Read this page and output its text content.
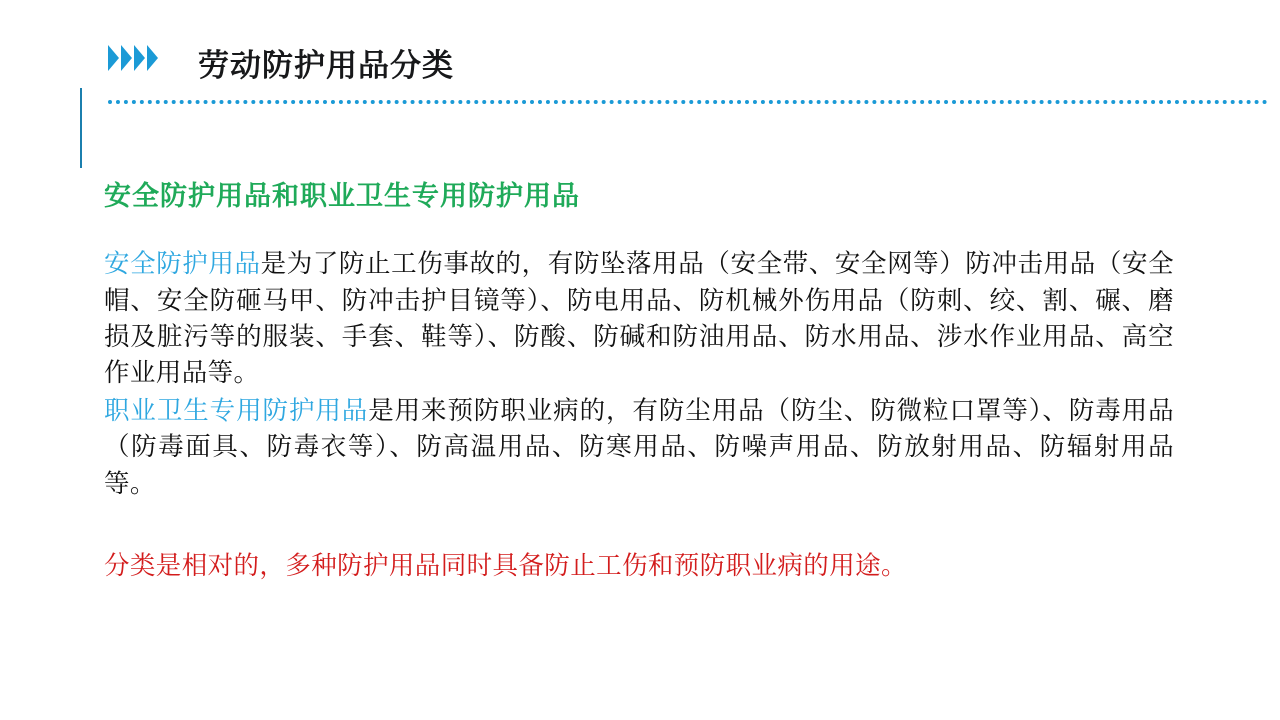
劳动防护用品分类
安全防护用品和职业卫生专用防护用品

安全防护用品是为了防止工伤事故的，有防坠落用品（安全带、安全网等）防冲击用品（安全帽、安全防砸马甲、防冲击护目镜等）、防电用品、防机械外伤用品（防刺、绞、割、碾、磨损及脏污等的服装、手套、鞋等）、防酸、防碱和防油用品、防水用品、涉水作业用品、高空作业用品等。

职业卫生专用防护用品是用来预防职业病的，有防尘用品（防尘、防微粒口罩等）、防毒用品（防毒面具、防毒衣等）、防高温用品、防寒用品、防噪声用品、防放射用品、防辐射用品等。

分类是相对的，多种防护用品同时具备防止工伤和预防职业病的用途。
